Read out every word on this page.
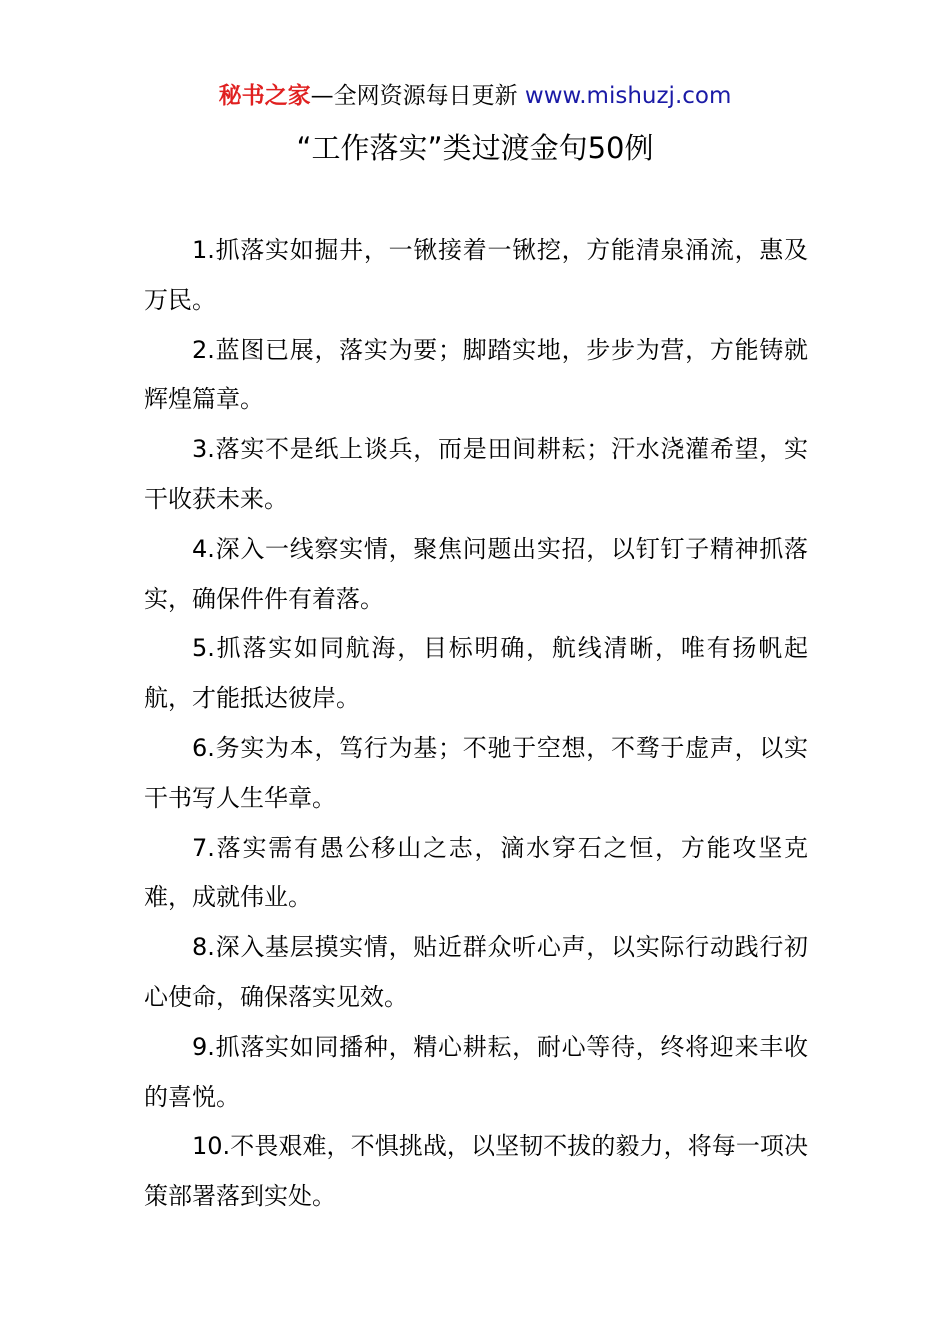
秘书之家—全网资源每日更新 www.mishuzj.com
“工作落实”类过渡金句50例

1.抓落实如掘井，一锹接着一锹挖，方能清泉涌流，惠及万民。

2.蓝图已展，落实为要；脚踏实地，步步为营，方能铸就辉煌篇章。

3.落实不是纸上谈兵，而是田间耕耘；汗水浇灌希望，实干收获未来。

4.深入一线察实情，聚焦问题出实招，以钉钉子精神抓落实，确保件件有着落。

5.抓落实如同航海，目标明确，航线清晰，唯有扬帆起航，才能抵达彼岸。

6.务实为本，笃行为基；不驰于空想，不骛于虚声，以实干书写人生华章。

7.落实需有愚公移山之志，滴水穿石之恒，方能攻坚克难，成就伟业。

8.深入基层摸实情，贴近群众听心声，以实际行动践行初心使命，确保落实见效。

9.抓落实如同播种，精心耕耘，耐心等待，终将迎来丰收的喜悦。

10.不畏艰难，不惧挑战，以坚韧不拔的毅力，将每一项决策部署落到实处。
